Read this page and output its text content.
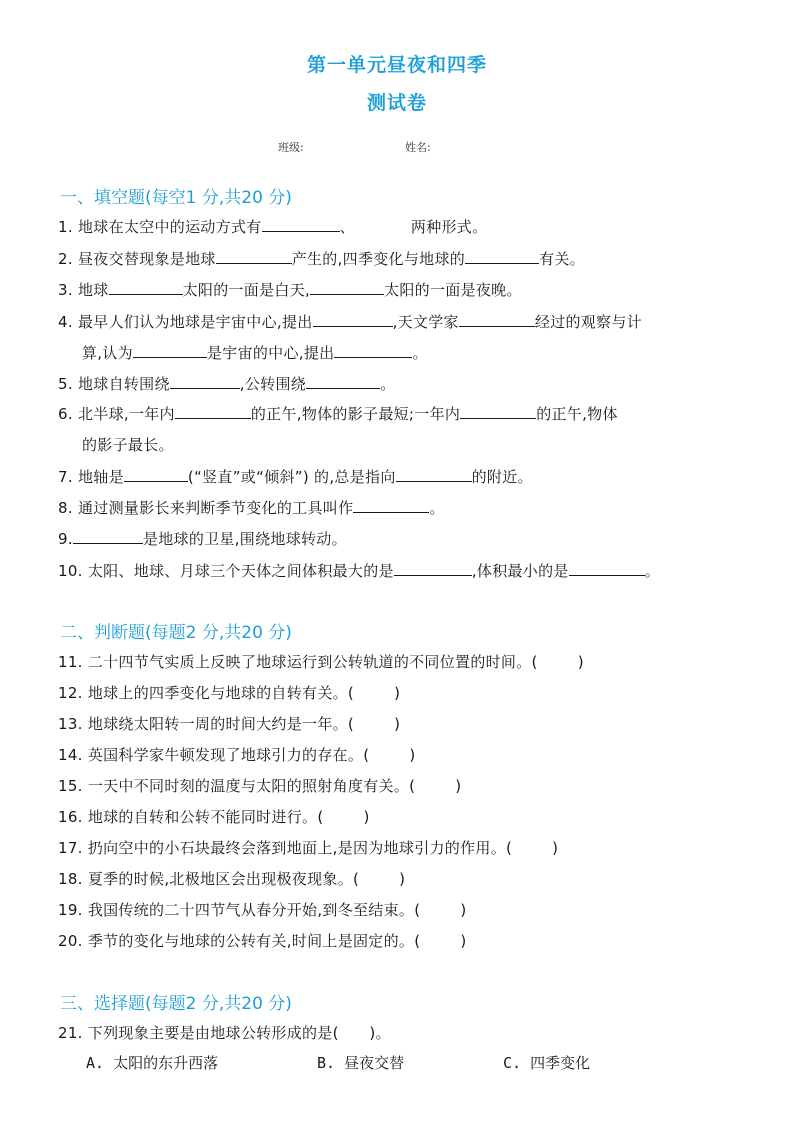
第一单元昼夜和四季
测试卷
班级:	姓名:
一、填空题(每空1 分,共20 分)
1. 地球在太空中的运动方式有	、	两种形式。
2. 昼夜交替现象是地球	产生的,四季变化与地球的	有关。
3. 地球	太阳的一面是白天,	太阳的一面是夜晚。
4. 最早人们认为地球是宇宙中心,提出	,天文学家	经过的观察与计
算,认为	是宇宙的中心,提出	。
5. 地球自转围绕	,公转围绕	。
6. 北半球,一年内	的正午,物体的影子最短;一年内	的正午,物体
的影子最长。
7. 地轴是	(“竖直”或“倾斜”) 的,总是指向	的附近。
8. 通过测量影长来判断季节变化的工具叫作	。
9.	是地球的卫星,围绕地球转动。
10. 太阳、地球、月球三个天体之间体积最大的是	,体积最小的是	。
二、判断题(每题2 分,共20 分)
11. 二十四节气实质上反映了地球运行到公转轨道的不同位置的时间。(	)
12. 地球上的四季变化与地球的自转有关。(	)
13. 地球绕太阳转一周的时间大约是一年。(	)
14. 英国科学家牛顿发现了地球引力的存在。(	)
15. 一天中不同时刻的温度与太阳的照射角度有关。(	)
16. 地球的自转和公转不能同时进行。(	)
17. 扔向空中的小石块最终会落到地面上,是因为地球引力的作用。(	)
18. 夏季的时候,北极地区会出现极夜现象。(	)
19. 我国传统的二十四节气从春分开始,到冬至结束。(	)
20. 季节的变化与地球的公转有关,时间上是固定的。(	)
三、选择题(每题2 分,共20 分)
21. 下列现象主要是由地球公转形成的是(　　)。
A. 太阳的东升西落	B. 昼夜交替	C. 四季变化
